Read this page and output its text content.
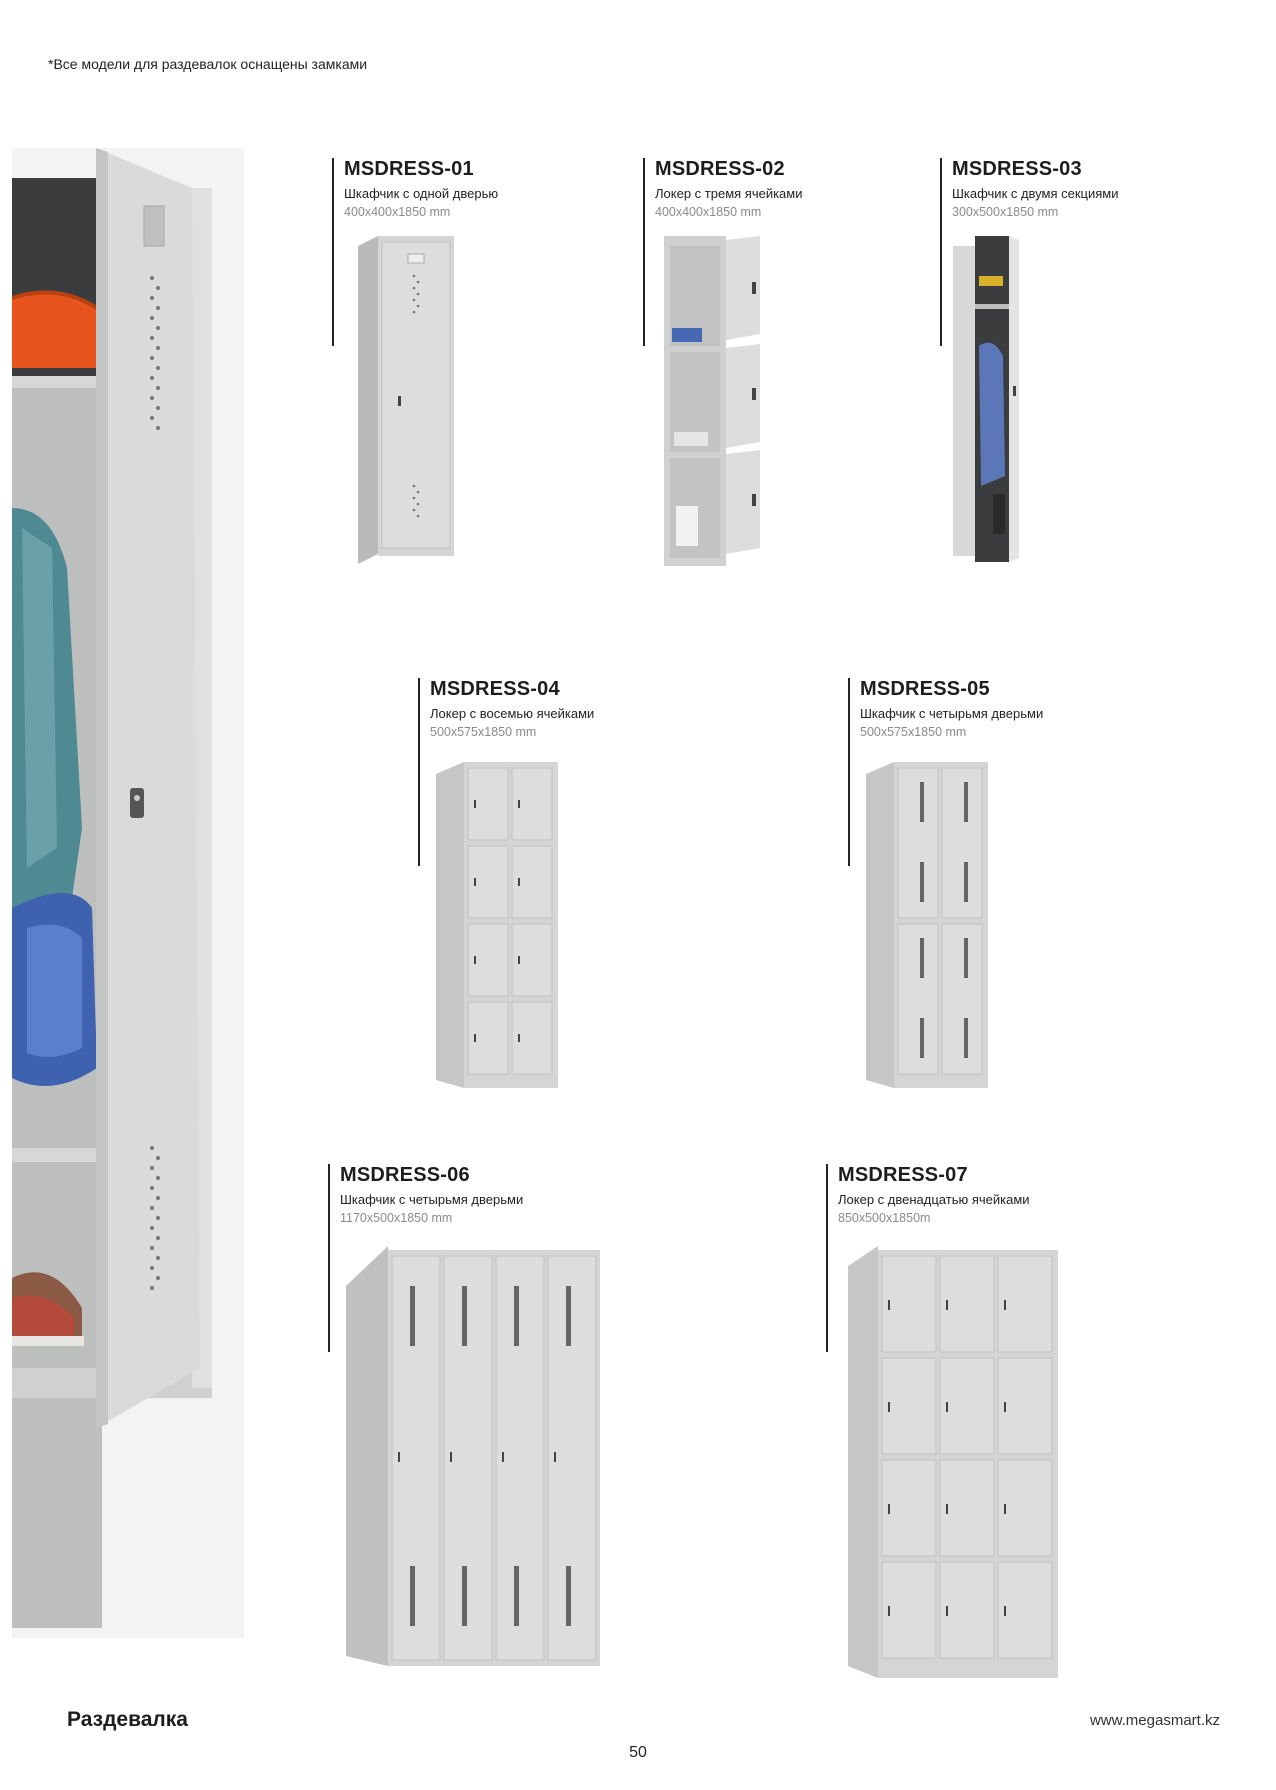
*Все модели для раздевалок оснащены замками
MSDRESS-01
Шкафчик с одной дверью
400x400x1850 mm
MSDRESS-02
Локер с тремя ячейками
400x400x1850 mm
MSDRESS-03
Шкафчик с двумя секциями
300x500x1850 mm
MSDRESS-04
Локер с восемью ячейками
500x575x1850 mm
MSDRESS-05
Шкафчик с четырьмя дверьми
500x575x1850 mm
MSDRESS-06
Шкафчик с четырьмя дверьми
1170x500x1850 mm
MSDRESS-07
Локер с двенадцатью ячейками
850x500x1850m
Раздевалка	www.megasmart.kz
50
